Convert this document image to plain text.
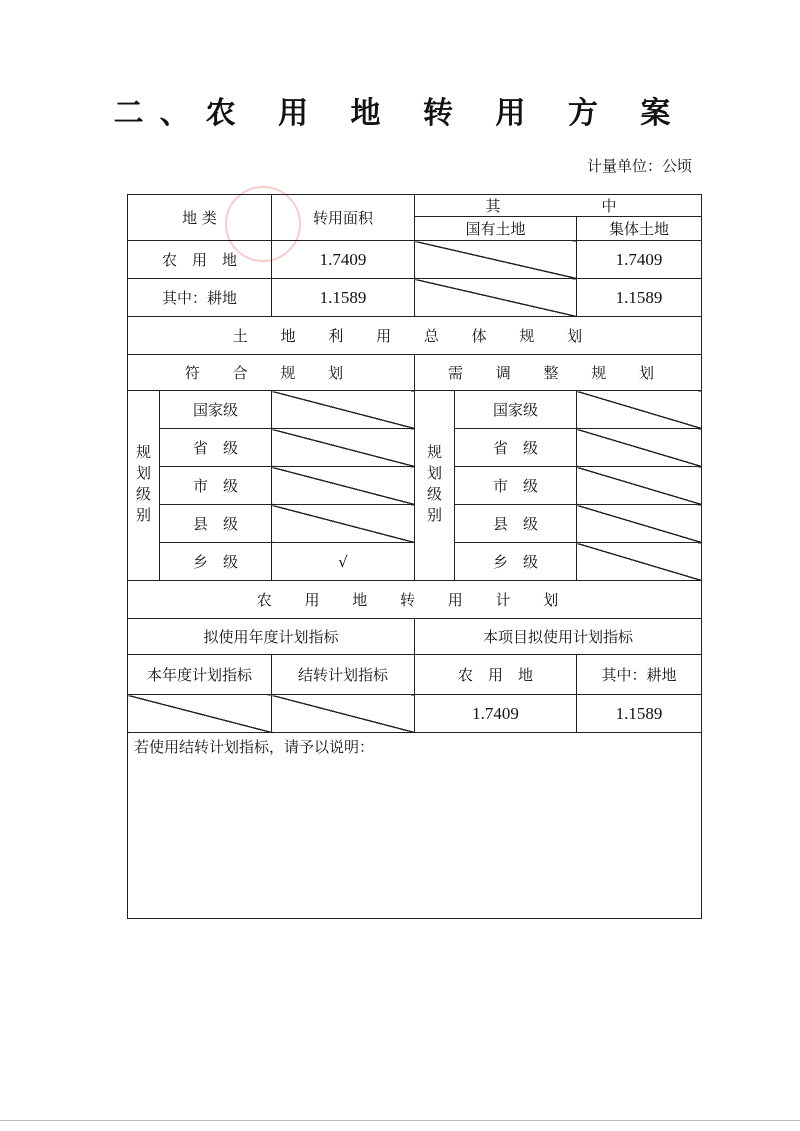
二、农 用 地 转 用 方 案
计量单位：公顷
地 类		转用面积	其　　　中		
			国有土地		集体土地
农　用　地		1.7409			1.7409
其中：耕地		1.1589			1.1589
土 地 利 用 总 体 规 划					
符 合 规 划			需 调 整 规 划		

规划级别	国家级		规划级别	国家级	
	省　级			省　级	
	市　级			市　级	
	县　级			县　级	
	乡　级	√		乡　级	
农 用 地 转 用 计 划					
拟使用年度计划指标			本项目拟使用计划指标		
本年度计划指标		结转计划指标	农　用　地		其中：耕地
			1.7409		1.1589
若使用结转计划指标，请予以说明：					
